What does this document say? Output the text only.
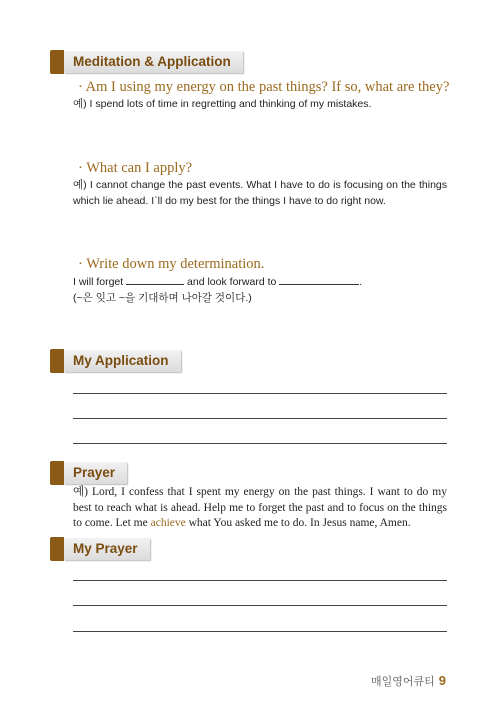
Meditation & Application
· Am I using my energy on the past things? If so, what are they?
예) I spend lots of time in regretting and thinking of my mistakes.
· What can I apply?
예) I cannot change the past events. What I have to do is focusing on the things which lie ahead. I`ll do my best for the things I have to do right now.
· Write down my determination.
I will forget	and look forward to	.
(~은 잊고 ~을 기대하며 나아갈 것이다.)
My Application
Prayer
예) Lord, I confess that I spent my energy on the past things. I want to do my best to reach what is ahead. Help me to forget the past and to focus on the things to come. Let me achieve what You asked me to do. In Jesus name, Amen.
My Prayer
매일영어큐티 9
